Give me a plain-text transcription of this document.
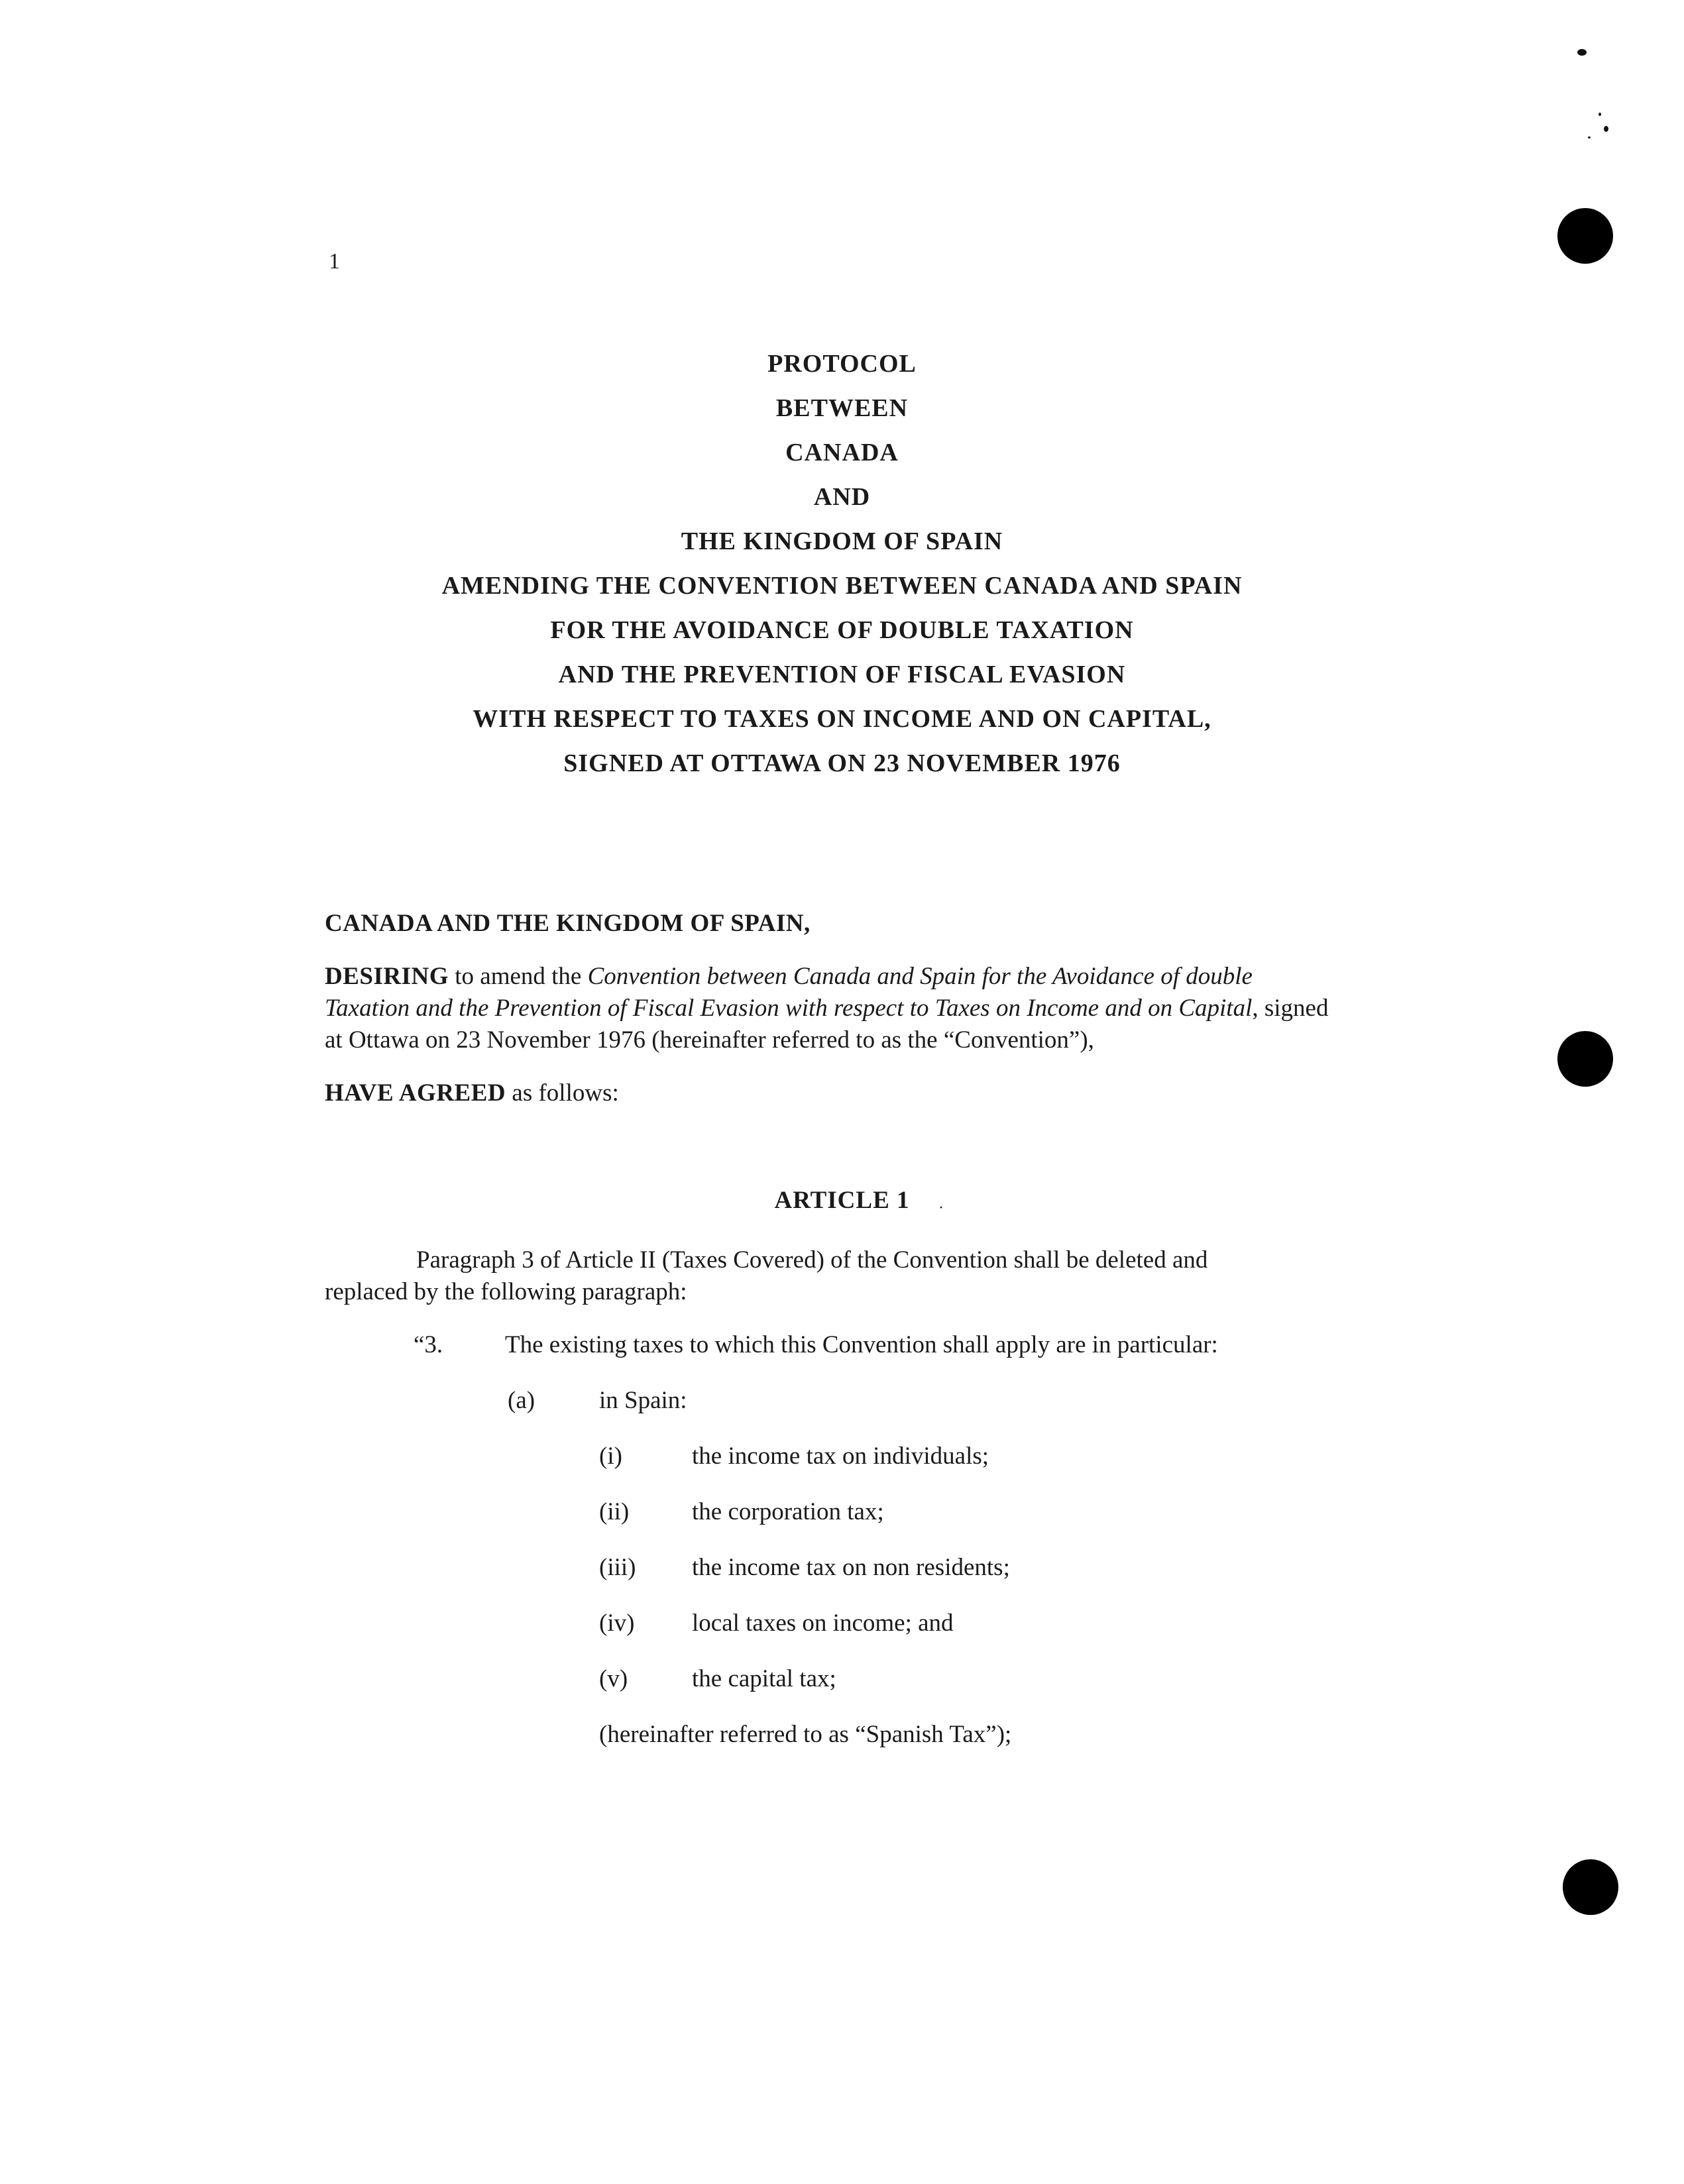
1
PROTOCOL
BETWEEN
CANADA
AND
THE KINGDOM OF SPAIN
AMENDING THE CONVENTION BETWEEN CANADA AND SPAIN
FOR THE AVOIDANCE OF DOUBLE TAXATION
AND THE PREVENTION OF FISCAL EVASION
WITH RESPECT TO TAXES ON INCOME AND ON CAPITAL,
SIGNED AT OTTAWA ON 23 NOVEMBER 1976
CANADA AND THE KINGDOM OF SPAIN,
DESIRING to amend the Convention between Canada and Spain for the Avoidance of double Taxation and the Prevention of Fiscal Evasion with respect to Taxes on Income and on Capital, signed at Ottawa on 23 November 1976 (hereinafter referred to as the “Convention”),
HAVE AGREED as follows:
ARTICLE 1	·
Paragraph 3 of Article II (Taxes Covered) of the Convention shall be deleted and replaced by the following paragraph:
“3.	The existing taxes to which this Convention shall apply are in particular:
(a)	in Spain:
(i)	the income tax on individuals;
(ii)	the corporation tax;
(iii) the income tax on non residents;
(iv) local taxes on income; and
(v)	the capital tax;
(hereinafter referred to as “Spanish Tax”);
